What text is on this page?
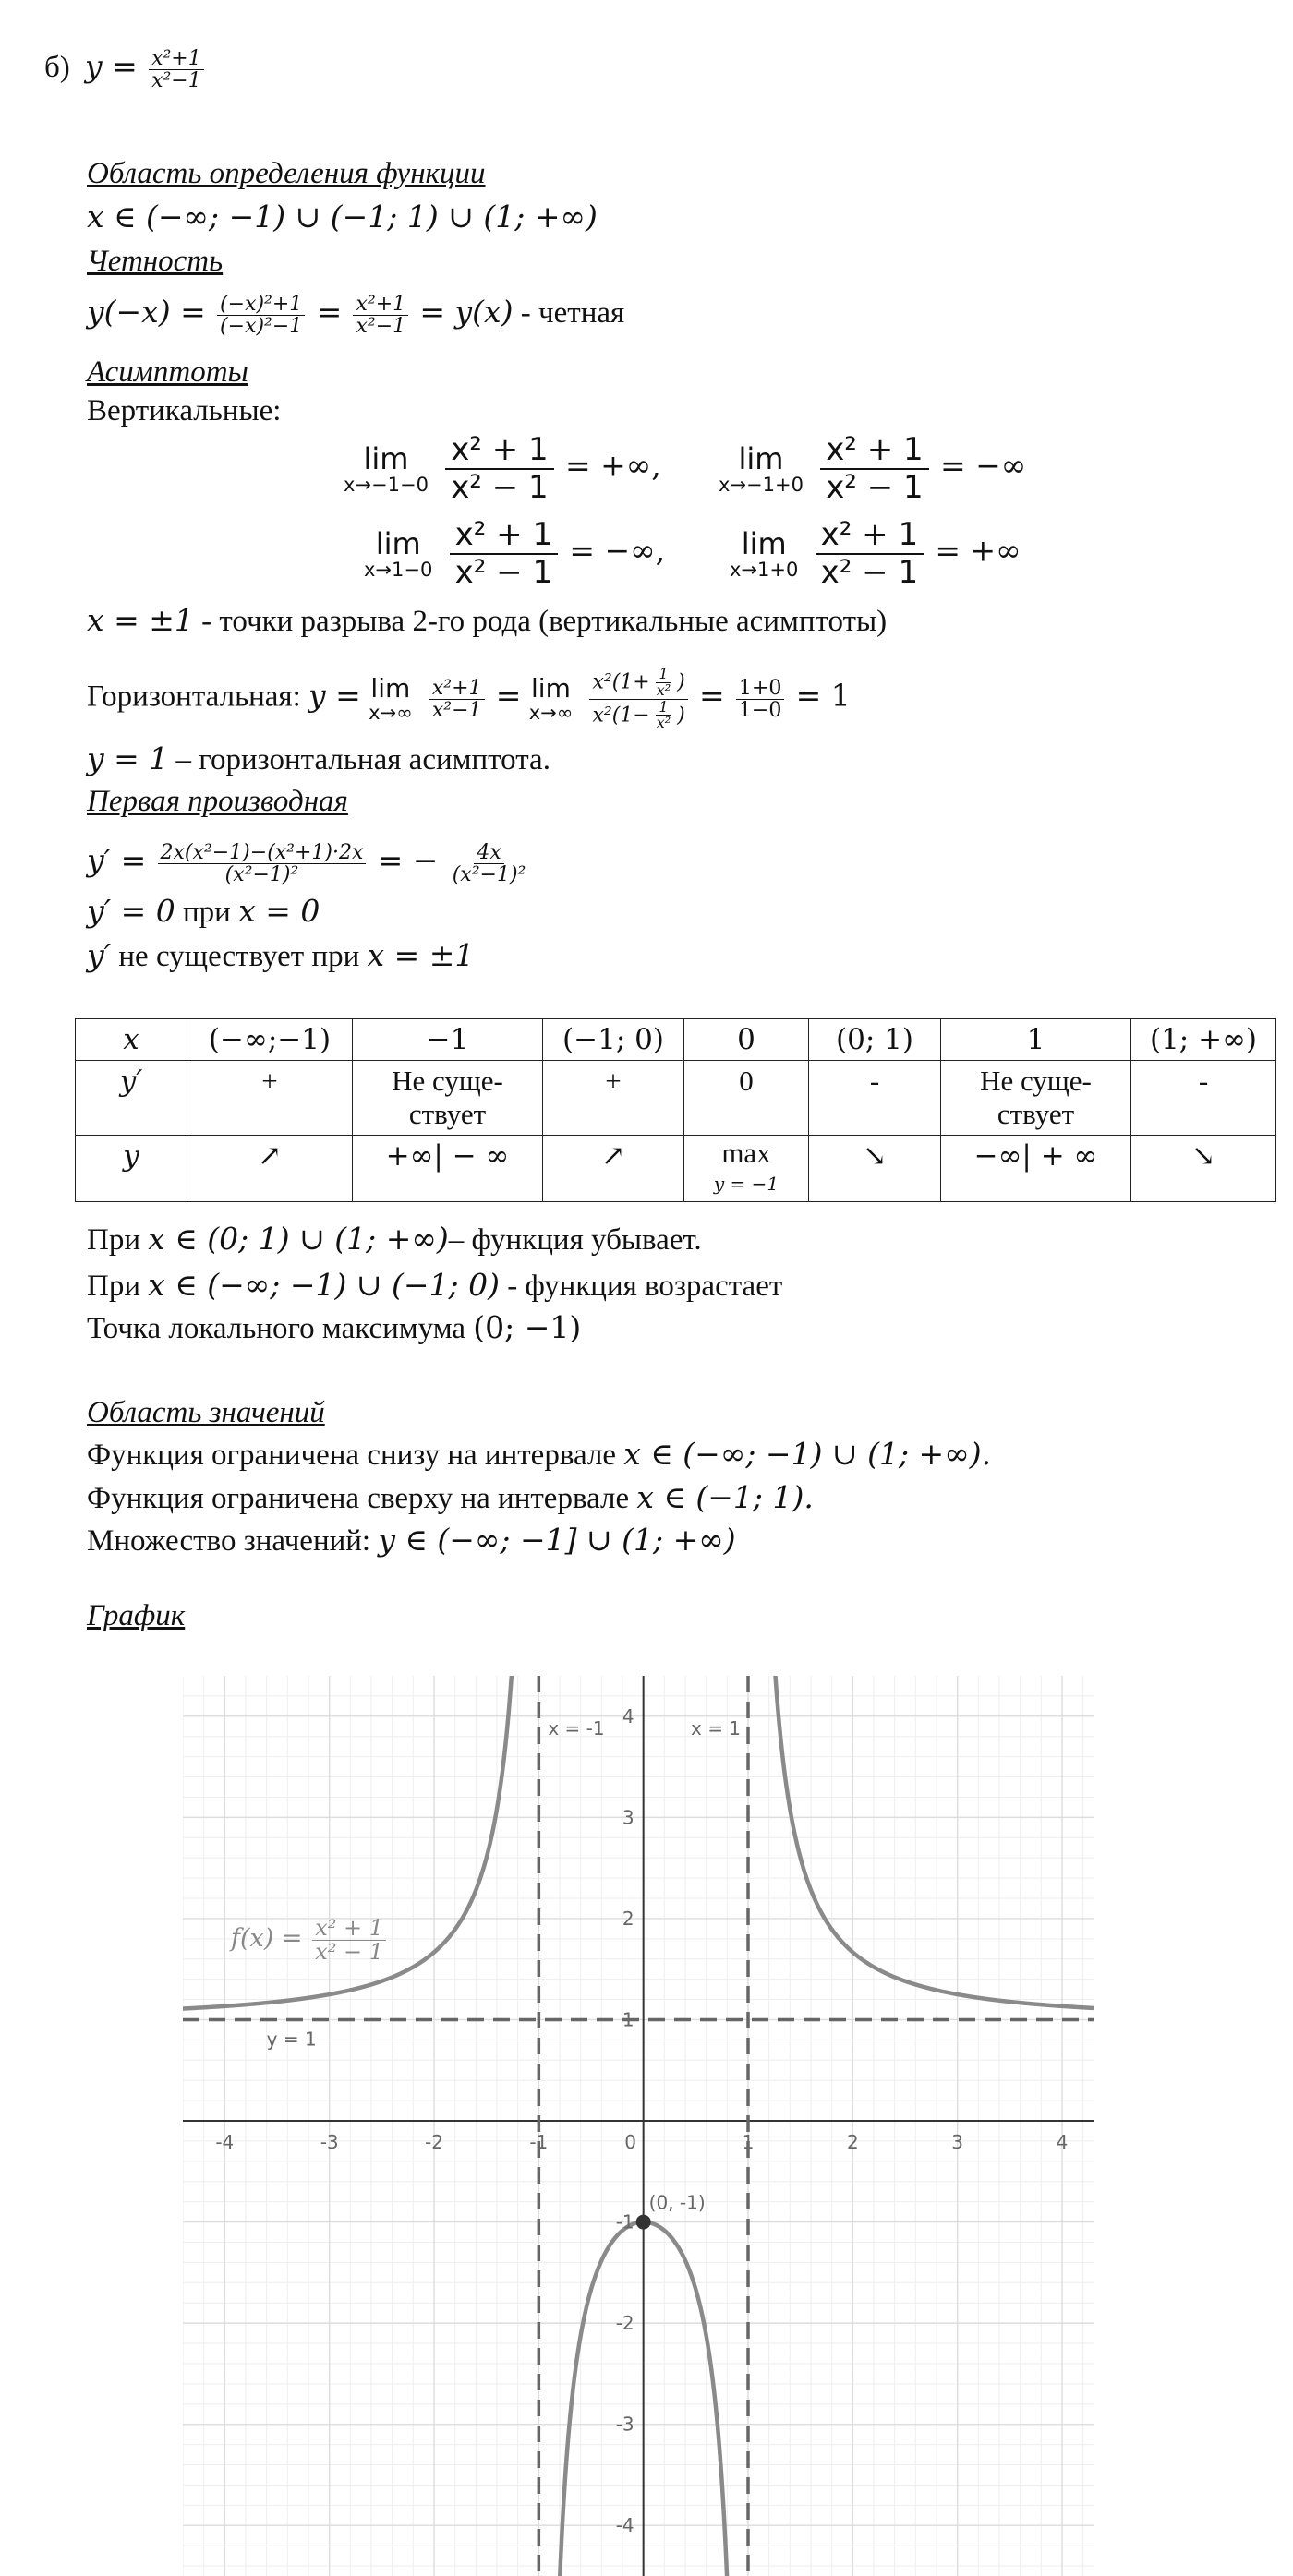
б) $y = \frac{\text{x²+1}}{\text{x²−1}}$
Область определения функции
x ∈ (−∞; −1) ∪ (−1; 1) ∪ (1; +∞)
Четность
$y(-x) = \frac{\text{(−x)²+1}}{\text{(−x)²−1}} = \frac{\text{x²+1}}{\text{x²−1}} = y(x)$ - четная
Асимптоты
Вертикальные:
lim
x→−1−0
$\frac{\text{x² + 1}}{\text{x² − 1}}$ = +∞,	lim
x→−1+0
$\frac{\text{x² + 1}}{\text{x² − 1}}$ = −∞
lim
x→1−0
$\frac{\text{x² + 1}}{\text{x² − 1}}$ = −∞,	lim
x→1+0
$\frac{\text{x² + 1}}{\text{x² − 1}}$ = +∞
x = ±1 - точки разрыва 2-го рода (вертикальные асимптоты)
Горизонтальная: y = lim
x→∞
$\frac{\text{x²+1}}{\text{x²−1}} = \lim$
x→∞
$\frac{x^2(1+ \frac{1}{\text{x²}} )}{x^2(1- \frac{1}{\text{x²}} )} = \frac{1+0}{1-0} = 1$
y = 1 – горизонтальная асимптота.
Первая производная
$y' = \frac{\text{2x(x²−1)−(x²+1)·2x}}{\text{(x²−1)²}}$ = − $\frac{4x}{\text{(x²−1)²}}$
y′ = 0 при x = 0
y′ не существует при x = ±1
x	(−∞;−1)	−1	(−1; 0)	0	(0; 1)	1	(1; +∞)
y′	+	Не суще-
ствует	+	0	-	Не суще-
ствует	-
y	↗	+∞| − ∞	↗	max
y = −1	↘	−∞| + ∞	↘
При x ∈ (0; 1) ∪ (1; +∞)– функция убывает.
При x ∈ (−∞; −1) ∪ (−1; 0) - функция возрастает
Точка локального максимума (0; −1)
Область значений
Функция ограничена снизу на интервале x ∈ (−∞; −1) ∪ (1; +∞).
Функция ограничена сверху на интервале x ∈ (−1; 1).
Множество значений: y ∈ (−∞; −1] ∪ (1; +∞)
График
-4	-3	-2	-1	0	1	2	3	4
-4
-3
-2
-1
1
2
3
4
x = -1	x = 1
y = 1
(0, -1)
$f(x) = \frac{\text{x² + 1}}{\text{x² − 1}}$
